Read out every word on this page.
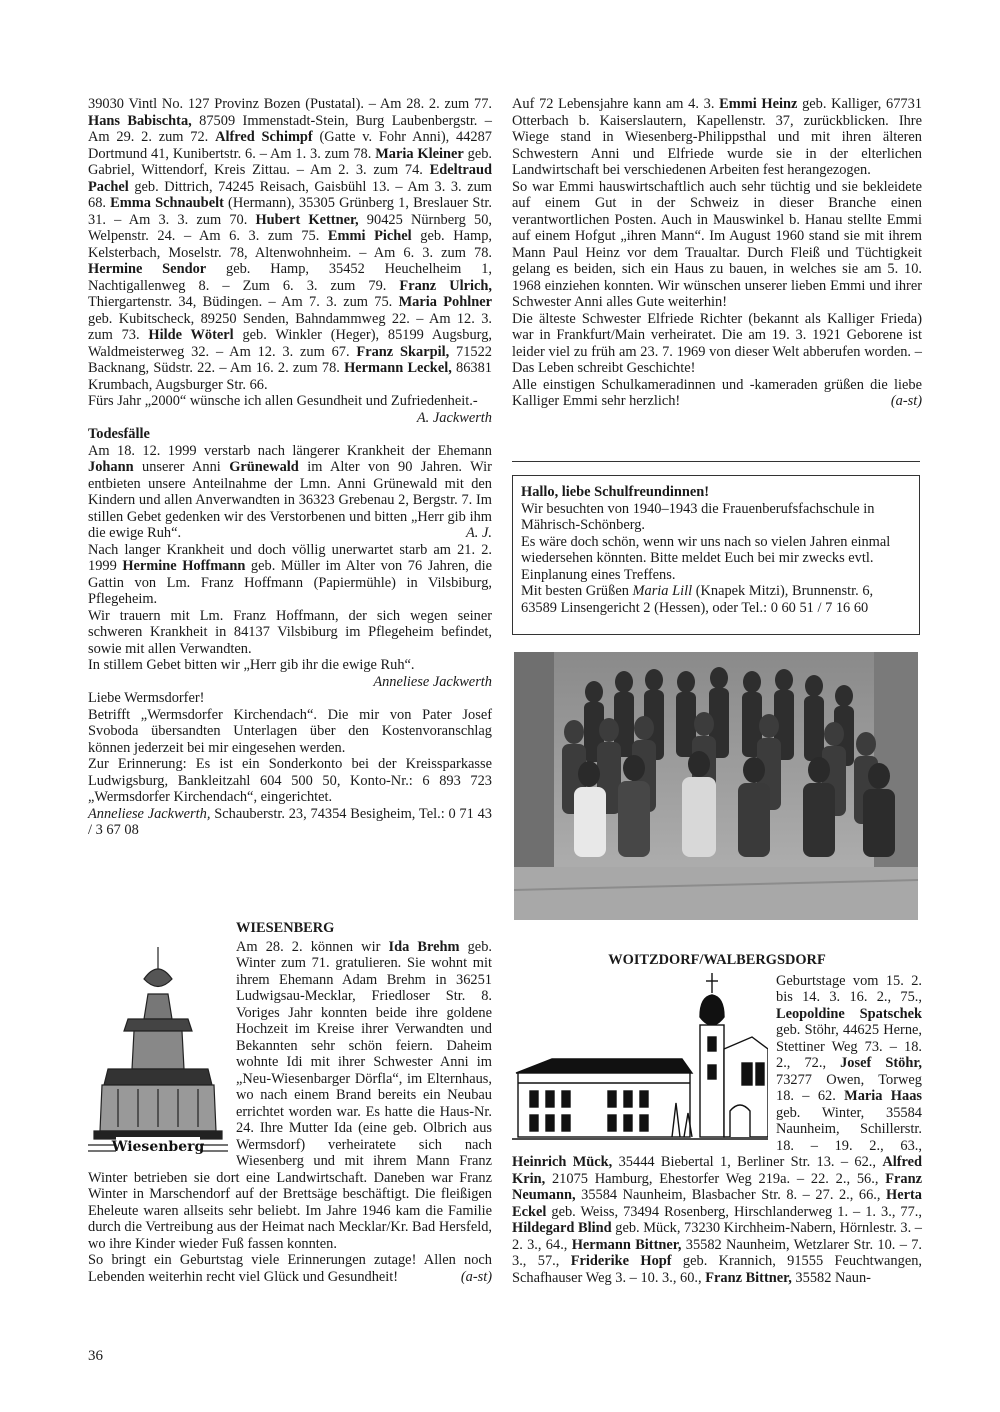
39030 Vintl No. 127 Provinz Bozen (Pustatal). – Am 28. 2. zum 77. Hans Babischta, 87509 Immenstadt-Stein, Burg Laubenbergstr. – Am 29. 2. zum 72. Alfred Schimpf (Gatte v. Fohr Anni), 44287 Dortmund 41, Kunibertstr. 6. – Am 1. 3. zum 78. Maria Kleiner geb. Gabriel, Wittendorf, Kreis Zittau. – Am 2. 3. zum 74. Edeltraud Pachel geb. Dittrich, 74245 Reisach, Gaisbühl 13. – Am 3. 3. zum 68. Emma Schnaubelt (Hermann), 35305 Grünberg 1, Breslauer Str. 31. – Am 3. 3. zum 70. Hubert Kettner, 90425 Nürnberg 50, Welpenstr. 24. – Am 6. 3. zum 75. Emmi Pichel geb. Hamp, Kelsterbach, Moselstr. 78, Altenwohnheim. – Am 6. 3. zum 78. Hermine Sendor geb. Hamp, 35452 Heuchelheim 1, Nachtigallenweg 8. – Zum 6. 3. zum 79. Franz Ulrich, Thiergartenstr. 34, Büdingen. – Am 7. 3. zum 75. Maria Pohlner geb. Kubitscheck, 89250 Senden, Bahndammweg 22. – Am 12. 3. zum 73. Hilde Wöterl geb. Winkler (Heger), 85199 Augsburg, Waldmeisterweg 32. – Am 12. 3. zum 67. Franz Skarpil, 71522 Backnang, Südstr. 22. – Am 16. 2. zum 78. Hermann Leckel, 86381 Krumbach, Augsburger Str. 66.

Fürs Jahr „2000“ wünsche ich allen Gesundheit und Zufriedenheit.-

A. Jackwerth

Todesfälle

Am 18. 12. 1999 verstarb nach längerer Krankheit der Ehemann Johann unserer Anni Grünewald im Alter von 90 Jahren. Wir entbieten unsere Anteilnahme der Lmn. Anni Grünewald mit den Kindern und allen Anverwandten in 36323 Grebenau 2, Bergstr. 7. Im stillen Gebet gedenken wir des Verstorbenen und bitten „Herr gib ihm die ewige Ruh“.	A. J.

Nach langer Krankheit und doch völlig unerwartet starb am 21. 2. 1999 Hermine Hoffmann geb. Müller im Alter von 76 Jahren, die Gattin von Lm. Franz Hoffmann (Papiermühle) in Vilsbiburg, Pflegeheim.

Wir trauern mit Lm. Franz Hoffmann, der sich wegen seiner schweren Krankheit in 84137 Vilsbiburg im Pflegeheim befindet, sowie mit allen Verwandten.

In stillem Gebet bitten wir „Herr gib ihr die ewige Ruh“.

Anneliese Jackwerth

Liebe Wermsdorfer!

Betrifft „Wermsdorfer Kirchendach“. Die mir von Pater Josef Svoboda übersandten Unterlagen über den Kostenvoranschlag können jederzeit bei mir eingesehen werden.

Zur Erinnerung: Es ist ein Sonderkonto bei der Kreissparkasse Ludwigsburg, Bankleitzahl 604 500 50, Konto-Nr.: 6 893 723 „Wermsdorfer Kirchendach“, eingerichtet.

Anneliese Jackwerth, Schauberstr. 23, 74354 Besigheim, Tel.: 0 71 43 / 3 67 08

Auf 72 Lebensjahre kann am 4. 3. Emmi Heinz geb. Kalliger, 67731 Otterbach b. Kaiserslautern, Kapellenstr. 37, zurückblicken. Ihre Wiege stand in Wiesenberg-Philippsthal und mit ihren älteren Schwestern Anni und Elfriede wurde sie in der elterlichen Landwirtschaft bei verschiedenen Arbeiten fest herangezogen.

So war Emmi hauswirtschaftlich auch sehr tüchtig und sie bekleidete auf einem Gut in der Schweiz in dieser Branche einen verantwortlichen Posten. Auch in Mauswinkel b. Hanau stellte Emmi auf einem Hofgut „ihren Mann“. Im August 1960 stand sie mit ihrem Mann Paul Heinz vor dem Traualtar. Durch Fleiß und Tüchtigkeit gelang es beiden, sich ein Haus zu bauen, in welches sie am 5. 10. 1968 einziehen konnten. Wir wünschen unserer lieben Emmi und ihrer Schwester Anni alles Gute weiterhin!

Die älteste Schwester Elfriede Richter (bekannt als Kalliger Frieda) war in Frankfurt/Main verheiratet. Die am 19. 3. 1921 Geborene ist leider viel zu früh am 23. 7. 1969 von dieser Welt abberufen worden. – Das Leben schreibt Geschichte!

Alle einstigen Schulkameradinnen und -kameraden grüßen die liebe Kalliger Emmi sehr herzlich!	(a-st)

Hallo, liebe Schulfreundinnen!
Wir besuchten von 1940–1943 die Frauenberufsfachschule in Mährisch-Schönberg.
Es wäre doch schön, wenn wir uns nach so vielen Jahren einmal wiedersehen könnten. Bitte meldet Euch bei mir zwecks evtl. Einplanung eines Treffens.
Mit besten Grüßen Maria Lill (Knapek Mitzi), Brunnenstr. 6, 63589 Linsengericht 2 (Hessen), oder Tel.: 0 60 51 / 7 16 60
WIESENBERG
Wiesenberg

Am 28. 2. können wir Ida Brehm geb. Winter zum 71. gratulieren. Sie wohnt mit ihrem Ehemann Adam Brehm in 36251 Ludwigsau-Mecklar, Friedloser Str. 8. Voriges Jahr konnten beide ihre goldene Hochzeit im Kreise ihrer Verwandten und Bekannten sehr schön feiern. Daheim wohnte Idi mit ihrer Schwester Anni im „Neu-Wiesenbarger Dörfla“, im Elternhaus, wo nach einem Brand bereits ein Neubau errichtet worden war. Es hatte die Haus-Nr. 24. Ihre Mutter Ida (eine geb. Olbrich aus Wermsdorf) verheiratete sich nach Wiesenberg und mit ihrem Mann Franz Winter betrieben sie dort eine Landwirtschaft. Daneben war Franz Winter in Marschendorf auf der Brettsäge beschäftigt. Die fleißigen Eheleute waren allseits sehr beliebt. Im Jahre 1946 kam die Familie durch die Vertreibung aus der Heimat nach Mecklar/Kr. Bad Hersfeld, wo ihre Kinder wieder Fuß fassen konnten.

So bringt ein Geburtstag viele Erinnerungen zutage! Allen noch Lebenden weiterhin recht viel Glück und Gesundheit!	(a-st)

WOITZDORF/WALBERGSDORF

Geburtstage vom 15. 2. bis 14. 3. 16. 2., 75., Leopoldine Spatschek geb. Stöhr, 44625 Herne, Stettiner Weg 73. – 18. 2., 72., Josef Stöhr, 73277 Owen, Torweg 18. – 62. Maria Haas geb. Winter, 35584 Naunheim, Schillerstr. 18. – 19. 2., 63., Heinrich Mück, 35444 Biebertal 1, Berliner Str. 13. – 62., Alfred Krin, 21075 Hamburg, Ehestorfer Weg 219a. – 22. 2., 56., Franz Neumann, 35584 Naunheim, Blasbacher Str. 8. – 27. 2., 66., Herta Eckel geb. Weiss, 73494 Rosenberg, Hirschlanderweg 1. – 1. 3., 77., Hildegard Blind geb. Mück, 73230 Kirchheim-Nabern, Hörnlestr. 3. – 2. 3., 64., Hermann Bittner, 35582 Naunheim, Wetzlarer Str. 10. – 7. 3., 57., Friderike Hopf geb. Krannich, 91555 Feuchtwangen, Schafhauser Weg 3. – 10. 3., 60., Franz Bittner, 35582 Naun-

36
